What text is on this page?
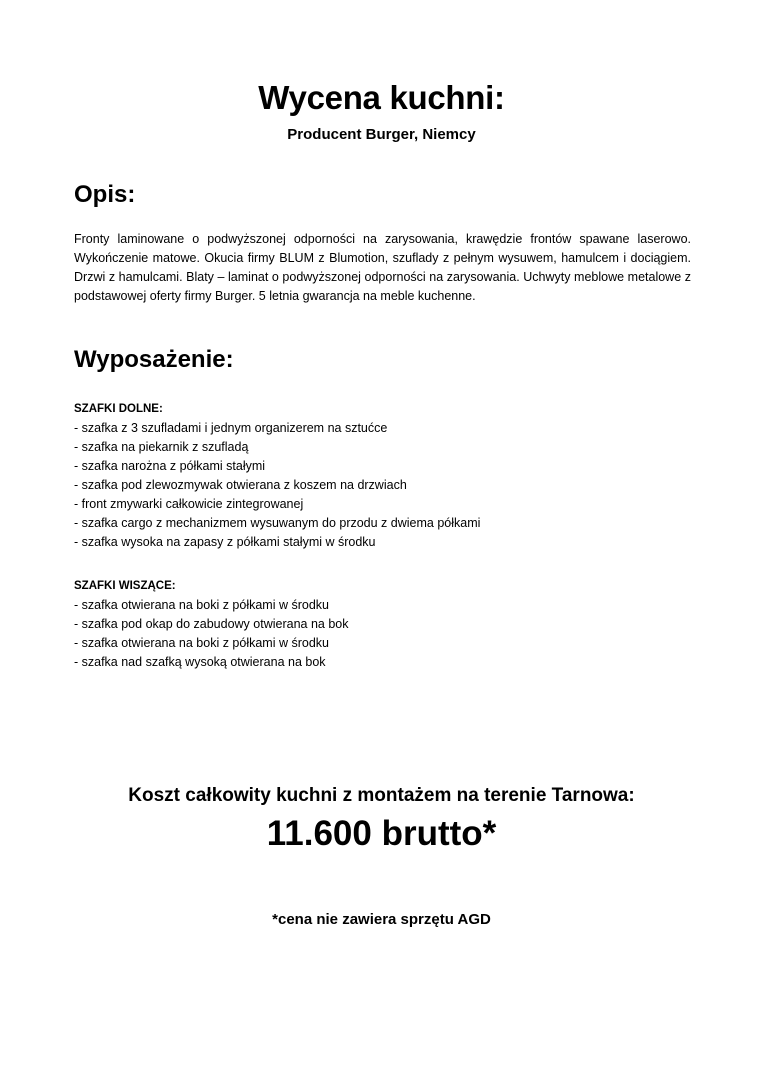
Wycena kuchni:
Producent Burger, Niemcy
Opis:
Fronty laminowane o podwyższonej odporności na zarysowania, krawędzie frontów spawane laserowo. Wykończenie matowe. Okucia firmy BLUM z Blumotion, szuflady z pełnym wysuwem, hamulcem i dociągiem. Drzwi z hamulcami. Blaty – laminat o podwyższonej odporności na zarysowania. Uchwyty meblowe metalowe z podstawowej oferty firmy Burger. 5 letnia gwarancja na meble kuchenne.
Wyposażenie:
SZAFKI DOLNE:
- szafka z 3 szufladami i jednym organizerem na sztućce
- szafka na piekarnik z szufladą
- szafka narożna z półkami stałymi
- szafka pod zlewozmywak otwierana z koszem na drzwiach
- front zmywarki całkowicie zintegrowanej
- szafka cargo z mechanizmem wysuwanym do przodu z dwiema półkami
- szafka wysoka na zapasy z półkami stałymi w środku
SZAFKI WISZĄCE:
- szafka otwierana na boki z półkami w środku
- szafka pod okap do zabudowy otwierana na bok
- szafka otwierana na boki z półkami w środku
- szafka nad szafką wysoką otwierana na bok
Koszt całkowity kuchni z montażem na terenie Tarnowa:
11.600 brutto*
*cena nie zawiera sprzętu AGD
